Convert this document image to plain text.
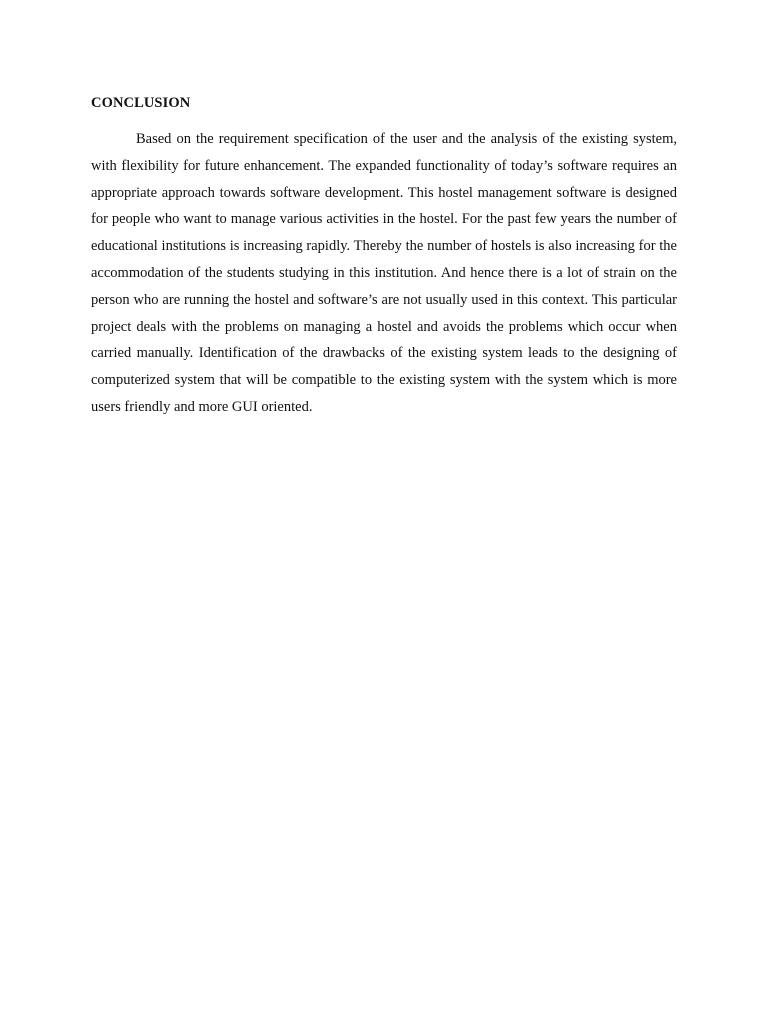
CONCLUSION

Based on the requirement specification of the user and the analysis of the existing system, with flexibility for future enhancement. The expanded functionality of today’s software requires an appropriate approach towards software development. This hostel management software is designed for people who want to manage various activities in the hostel. For the past few years the number of educational institutions is increasing rapidly. Thereby the number of hostels is also increasing for the accommodation of the students studying in this institution. And hence there is a lot of strain on the person who are running the hostel and software’s are not usually used in this context. This particular project deals with the problems on managing a hostel and avoids the problems which occur when carried manually. Identification of the drawbacks of the existing system leads to the designing of computerized system that will be compatible to the existing system with the system which is more users friendly and more GUI oriented.
